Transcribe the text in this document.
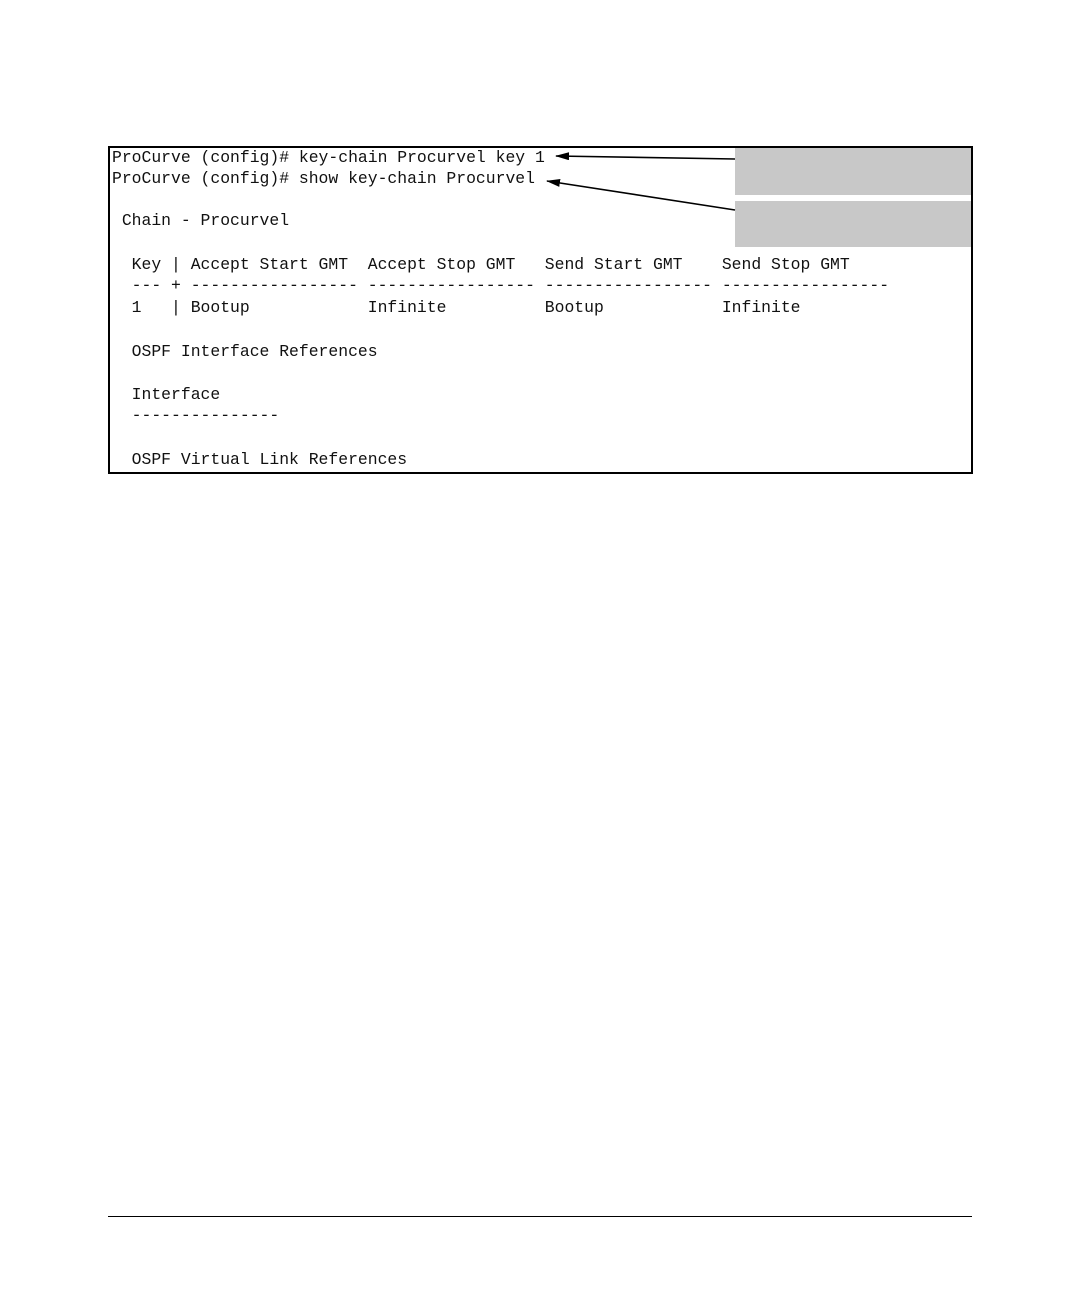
ProCurve (config)# key-chain Procurvel key 1
ProCurve (config)# show key-chain Procurvel
Chain - Procurvel
Key | Accept Start GMT  Accept Stop GMT   Send Start GMT    Send Stop GMT
--- + ----------------- ----------------- ----------------- -----------------
1   | Bootup            Infinite          Bootup            Infinite
OSPF Interface References
Interface
---------------
OSPF Virtual Link References
